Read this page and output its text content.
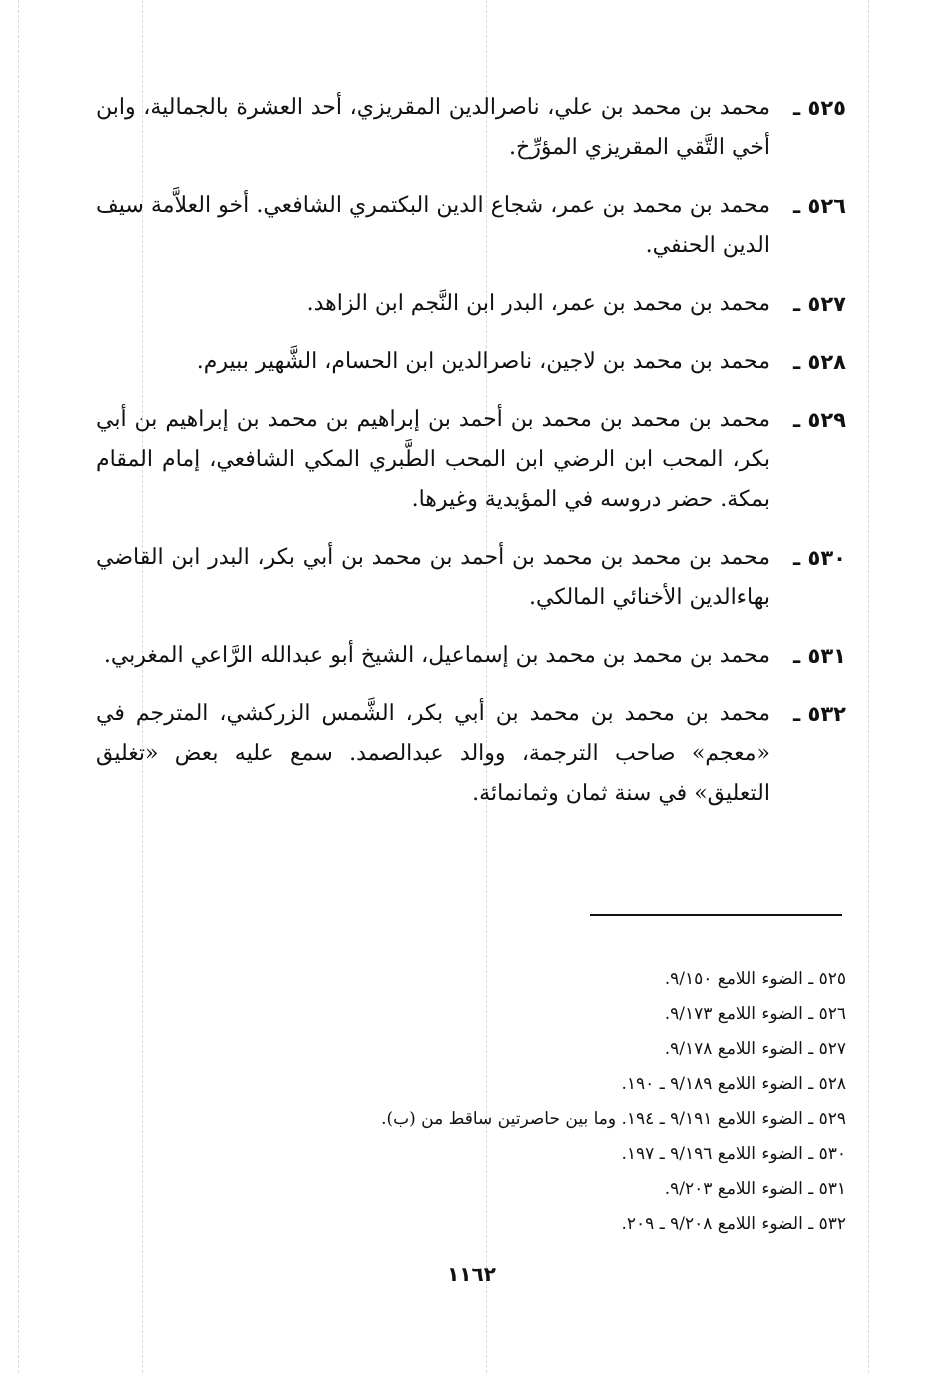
٥٢٥ ـ
محمد بن محمد بن علي، ناصرالدين المقريزي، أحد العشرة بالجمالية، وابن أخي التَّقي المقريزي المؤرِّخ.
٥٢٦ ـ
محمد بن محمد بن عمر، شجاع الدين البكتمري الشافعي. أخو العلاَّمة سيف الدين الحنفي.
٥٢٧ ـ
محمد بن محمد بن عمر، البدر ابن النَّجم ابن الزاهد.
٥٢٨ ـ
محمد بن محمد بن لاجين، ناصرالدين ابن الحسام، الشَّهير ببيرم.
٥٢٩ ـ
محمد بن محمد بن محمد بن أحمد بن إبراهيم بن محمد بن إبراهيم بن أبي بكر، المحب ابن الرضي ابن المحب الطَّبري المكي الشافعي، إمام المقام بمكة. حضر دروسه في المؤيدية وغيرها.
٥٣٠ ـ
محمد بن محمد بن محمد بن أحمد بن محمد بن أبي بكر، البدر ابن القاضي بهاءالدين الأخنائي المالكي.
٥٣١ ـ
محمد بن محمد بن محمد بن إسماعيل، الشيخ أبو عبدالله الرَّاعي المغربي.
٥٣٢ ـ
محمد بن محمد بن محمد بن أبي بكر، الشَّمس الزركشي، المترجم في «معجم» صاحب الترجمة، ووالد عبدالصمد. سمع عليه بعض «تغليق التعليق» في سنة ثمان وثمانمائة.
٥٢٥ ـ الضوء اللامع ٩/١٥٠.
٥٢٦ ـ الضوء اللامع ٩/١٧٣.
٥٢٧ ـ الضوء اللامع ٩/١٧٨.
٥٢٨ ـ الضوء اللامع ٩/١٨٩ ـ ١٩٠.
٥٢٩ ـ الضوء اللامع ٩/١٩١ ـ ١٩٤. وما بين حاصرتين ساقط من (ب).
٥٣٠ ـ الضوء اللامع ٩/١٩٦ ـ ١٩٧.
٥٣١ ـ الضوء اللامع ٩/٢٠٣.
٥٣٢ ـ الضوء اللامع ٩/٢٠٨ ـ ٢٠٩.
١١٦٢
